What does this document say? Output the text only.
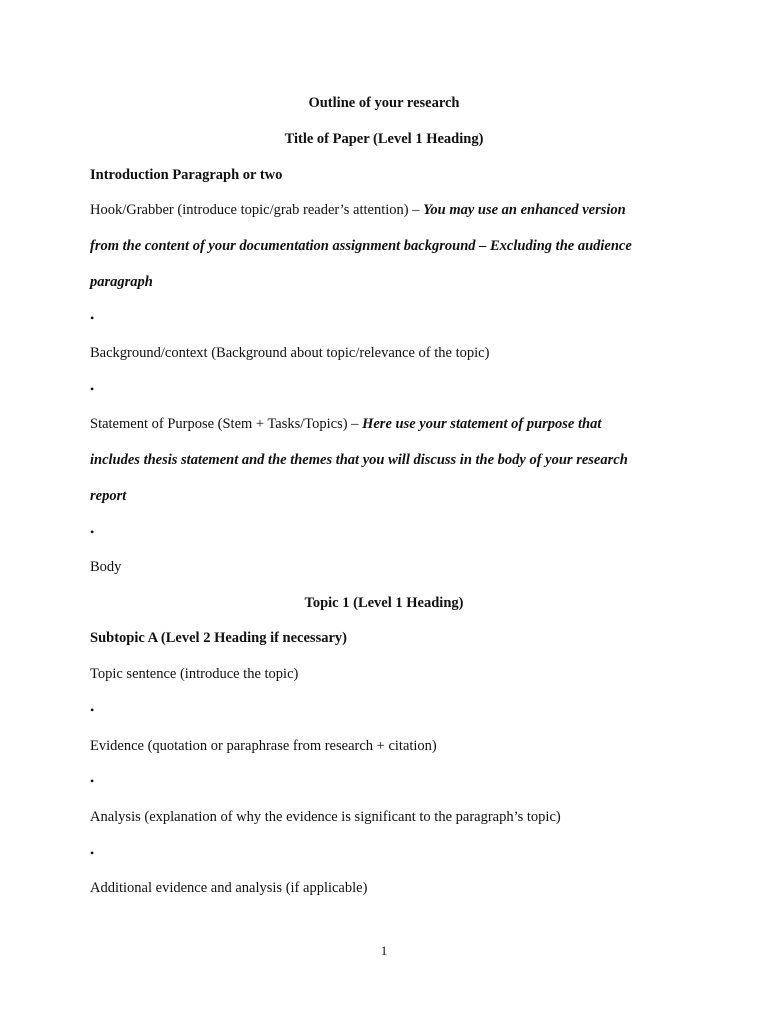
Outline of your research
Title of Paper (Level 1 Heading)
Introduction Paragraph or two
Hook/Grabber (introduce topic/grab reader’s attention) – You may use an enhanced version
from the content of your documentation assignment background – Excluding the audience
paragraph
•
Background/context (Background about topic/relevance of the topic)
•
Statement of Purpose (Stem + Tasks/Topics) – Here use your statement of purpose that
includes thesis statement and the themes that you will discuss in the body of your research
report
•
Body
Topic 1 (Level 1 Heading)
Subtopic A (Level 2 Heading if necessary)
Topic sentence (introduce the topic)
•
Evidence (quotation or paraphrase from research + citation)
•
Analysis (explanation of why the evidence is significant to the paragraph’s topic)
•
Additional evidence and analysis (if applicable)
1
